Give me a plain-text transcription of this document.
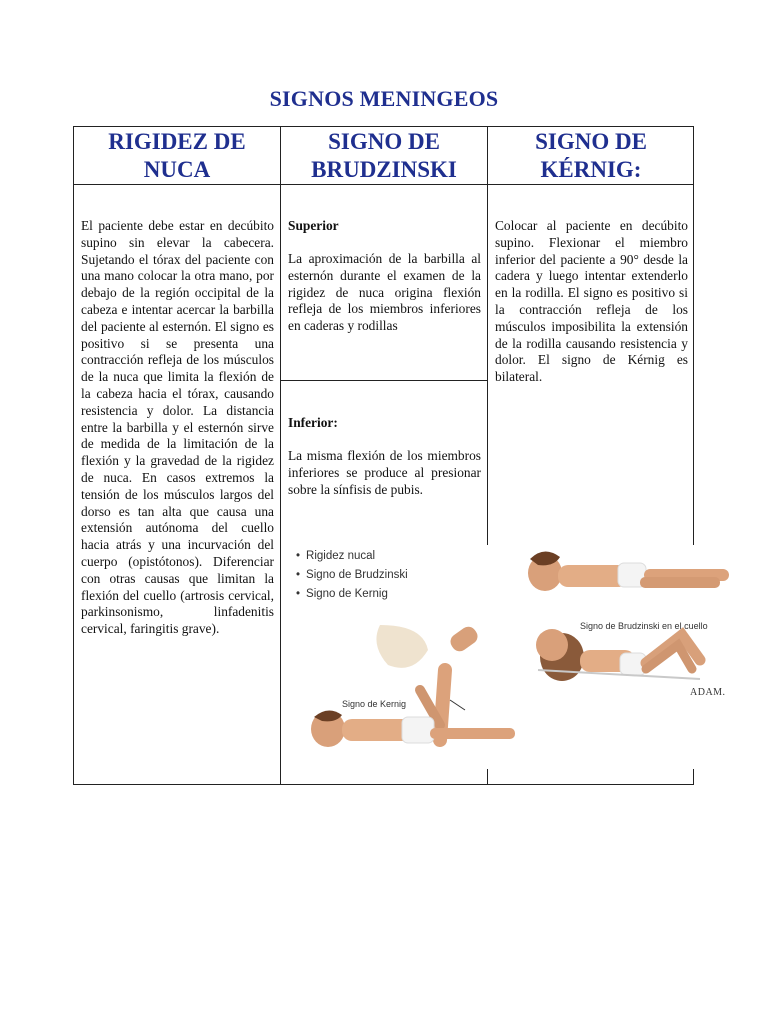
SIGNOS MENINGEOS
RIGIDEZ DE
NUCA
SIGNO DE
BRUDZINSKI
SIGNO DE
KÉRNIG:
El paciente debe estar en decúbito supino sin elevar la cabecera. Sujetando el tórax del paciente con una mano colocar la otra mano, por debajo de la región occipital de la cabeza e intentar acercar la barbilla del paciente al esternón. El signo es positivo si se presenta una contracción refleja de los músculos de la nuca que limita la flexión de la cabeza hacia el tórax, causando resistencia y dolor. La distancia entre la barbilla y el esternón sirve de medida de la limitación de la flexión y la gravedad de la rigidez de nuca. En casos extremos la tensión de los músculos largos del dorso es tan alta que causa una extensión autónoma del cuello hacia atrás y una incurvación del cuerpo (opistótonos). Diferenciar con otras causas que limitan la flexión del cuello (artrosis cervical, parkinsonismo, linfadenitis cervical, faringitis grave).
Superior
La aproximación de la barbilla al esternón durante el examen de la rigidez de nuca origina flexión refleja de los miembros inferiores en caderas y rodillas
Inferior:
La misma flexión de los miembros inferiores se produce al presionar sobre la sínfisis de pubis.
Colocar al paciente en decúbito supino. Flexionar el miembro inferior del paciente a 90° desde la cadera y luego intentar extenderlo en la rodilla. El signo es positivo si la contracción refleja de los músculos imposibilita la extensión de la rodilla causando resistencia y dolor. El signo de Kérnig es bilateral.
• Rigidez nucal
• Signo de Brudzinski
• Signo de Kernig
Signo de Brudzinski en el cuello
Signo de Kernig
ADAM.
